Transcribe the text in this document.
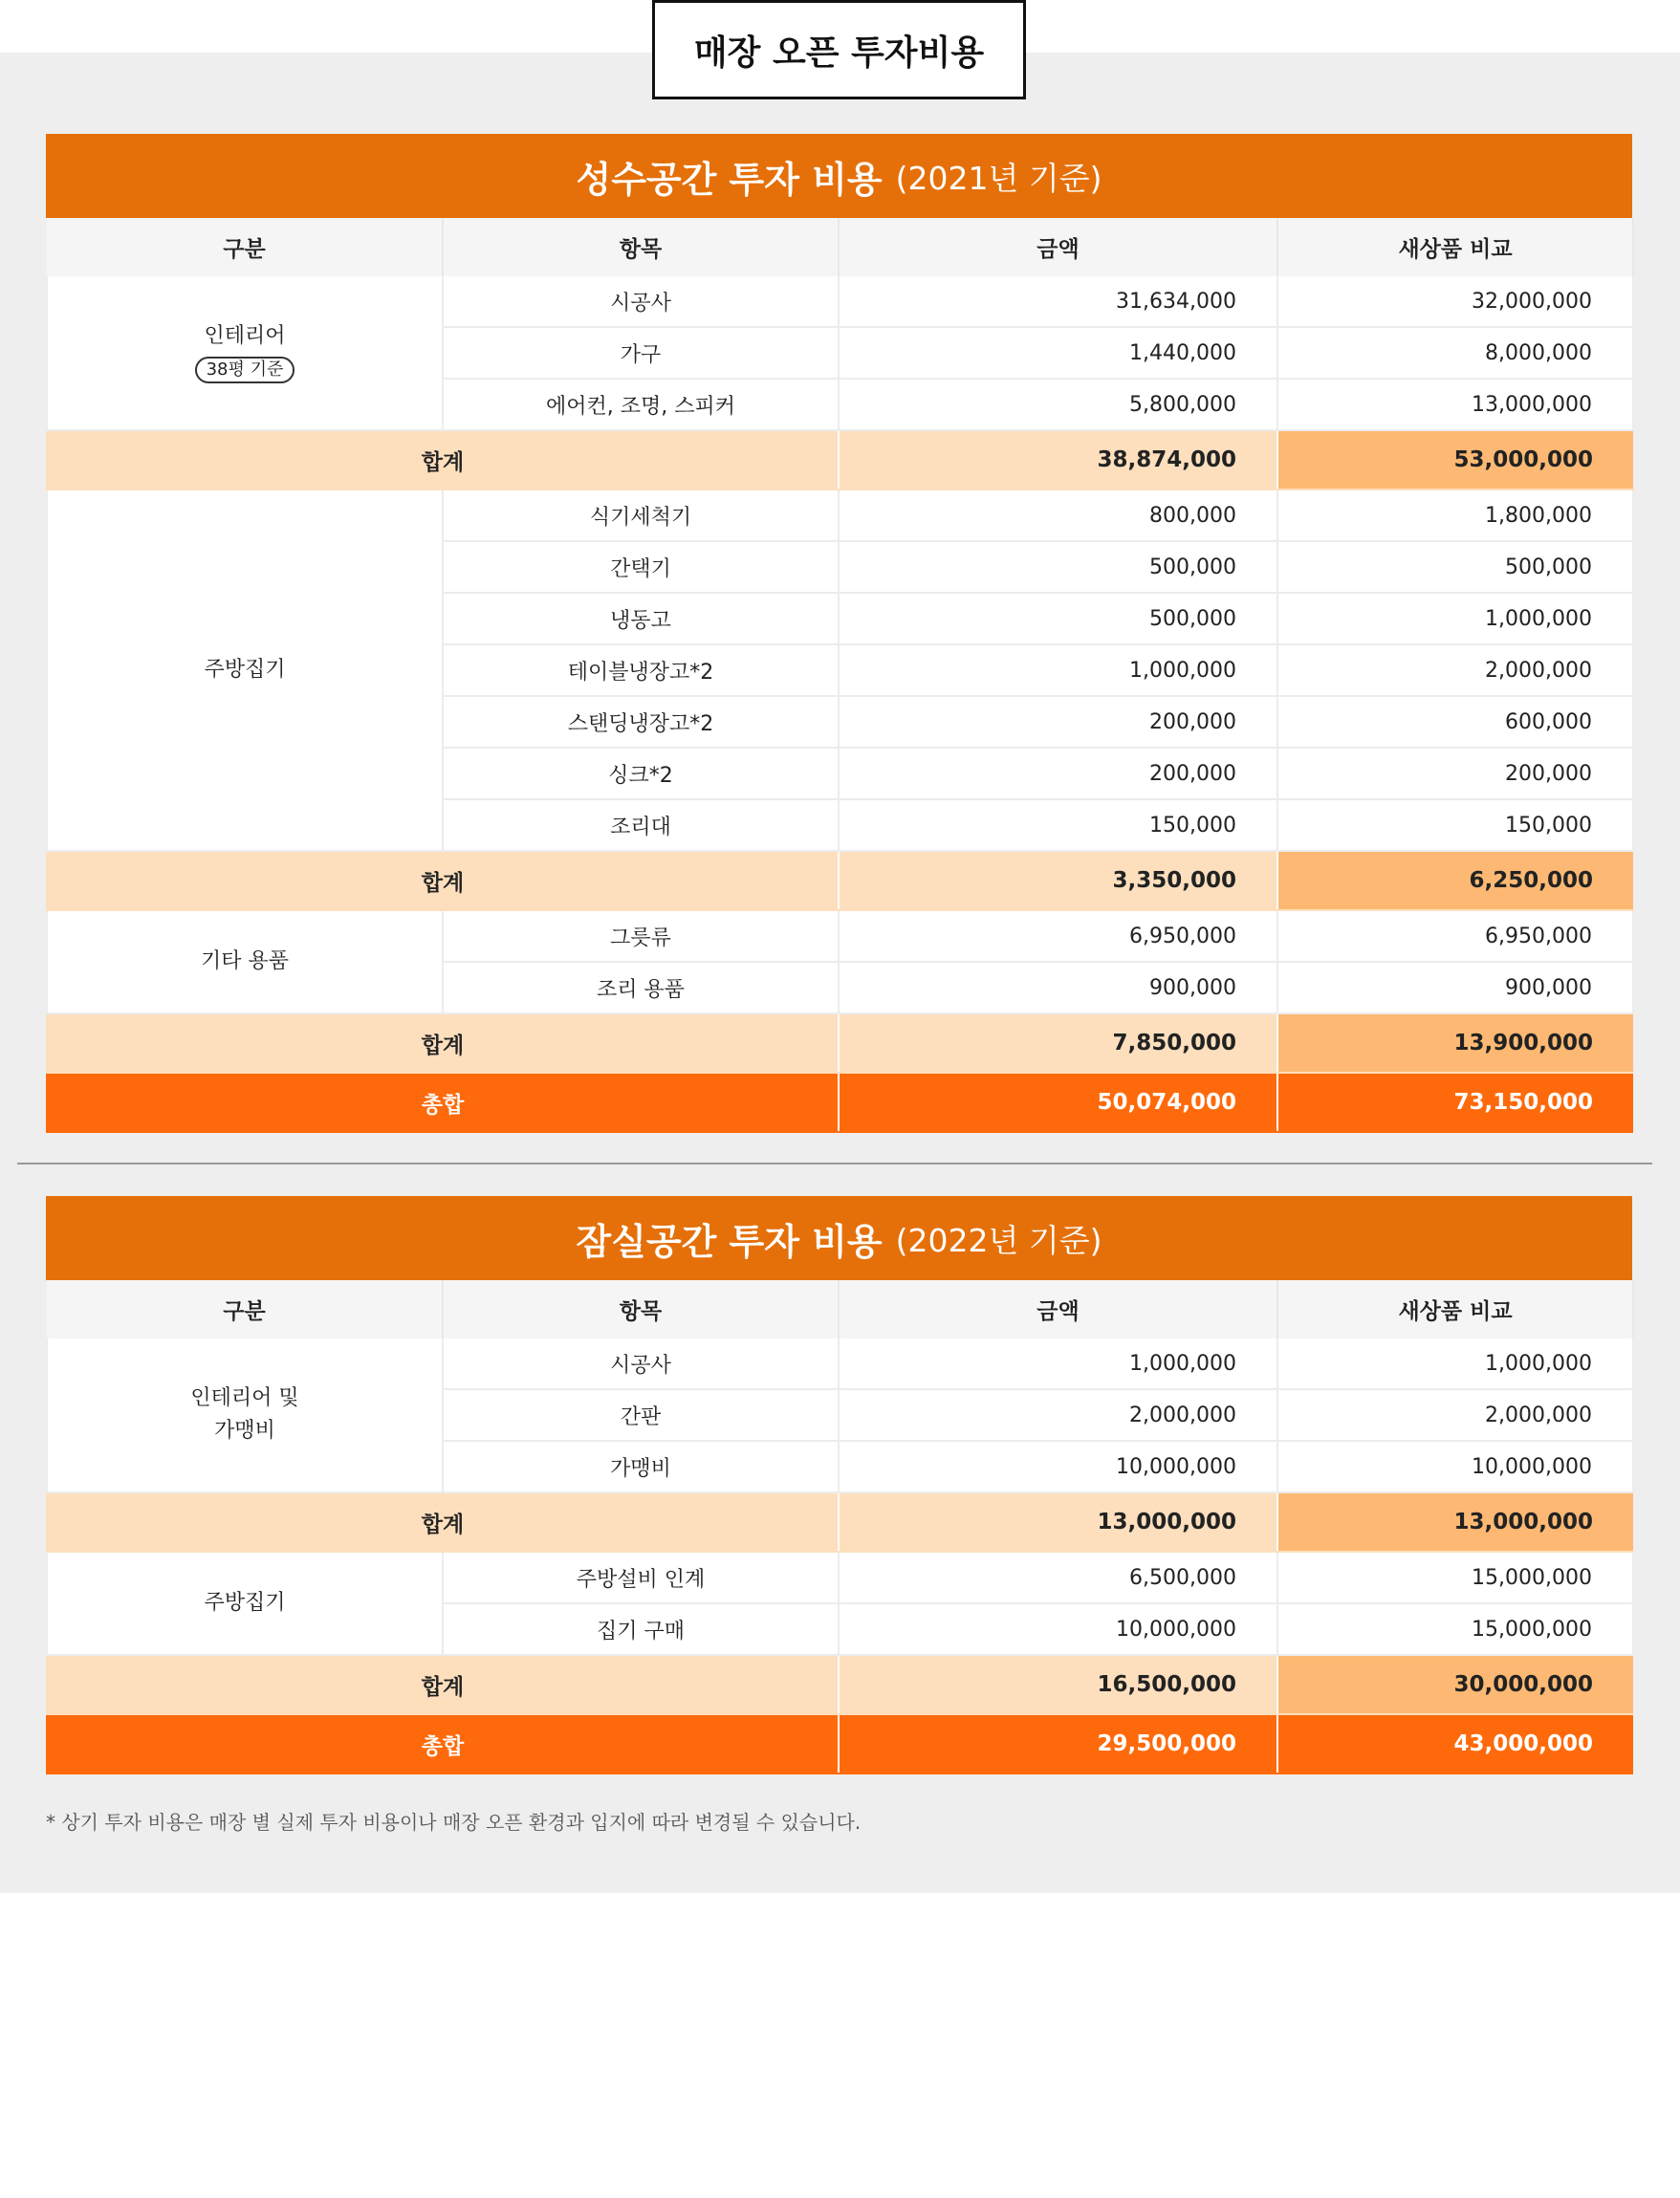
매장 오픈 투자비용
성수공간 투자 비용 (2021년 기준)
구분	항목	금액	새상품 비교

인테리어
38평 기준	시공사	31,634,000	32,000,000
	가구	1,440,000	8,000,000
	에어컨, 조명, 스피커	5,800,000	13,000,000
합계		38,874,000	53,000,000
주방집기	식기세척기	800,000	1,800,000
	간택기	500,000	500,000
	냉동고	500,000	1,000,000
	테이블냉장고*2	1,000,000	2,000,000
	스탠딩냉장고*2	200,000	600,000
	싱크*2	200,000	200,000
	조리대	150,000	150,000
합계		3,350,000	6,250,000
기타 용품	그릇류	6,950,000	6,950,000
	조리 용품	900,000	900,000
합계		7,850,000	13,900,000
총합		50,074,000	73,150,000
잠실공간 투자 비용 (2022년 기준)
구분	항목	금액	새상품 비교

인테리어 및
가맹비	시공사	1,000,000	1,000,000
	간판	2,000,000	2,000,000
	가맹비	10,000,000	10,000,000
합계		13,000,000	13,000,000
주방집기	주방설비 인계	6,500,000	15,000,000
	집기 구매	10,000,000	15,000,000
합계		16,500,000	30,000,000
총합		29,500,000	43,000,000
* 상기 투자 비용은 매장 별 실제 투자 비용이나 매장 오픈 환경과 입지에 따라 변경될 수 있습니다.
